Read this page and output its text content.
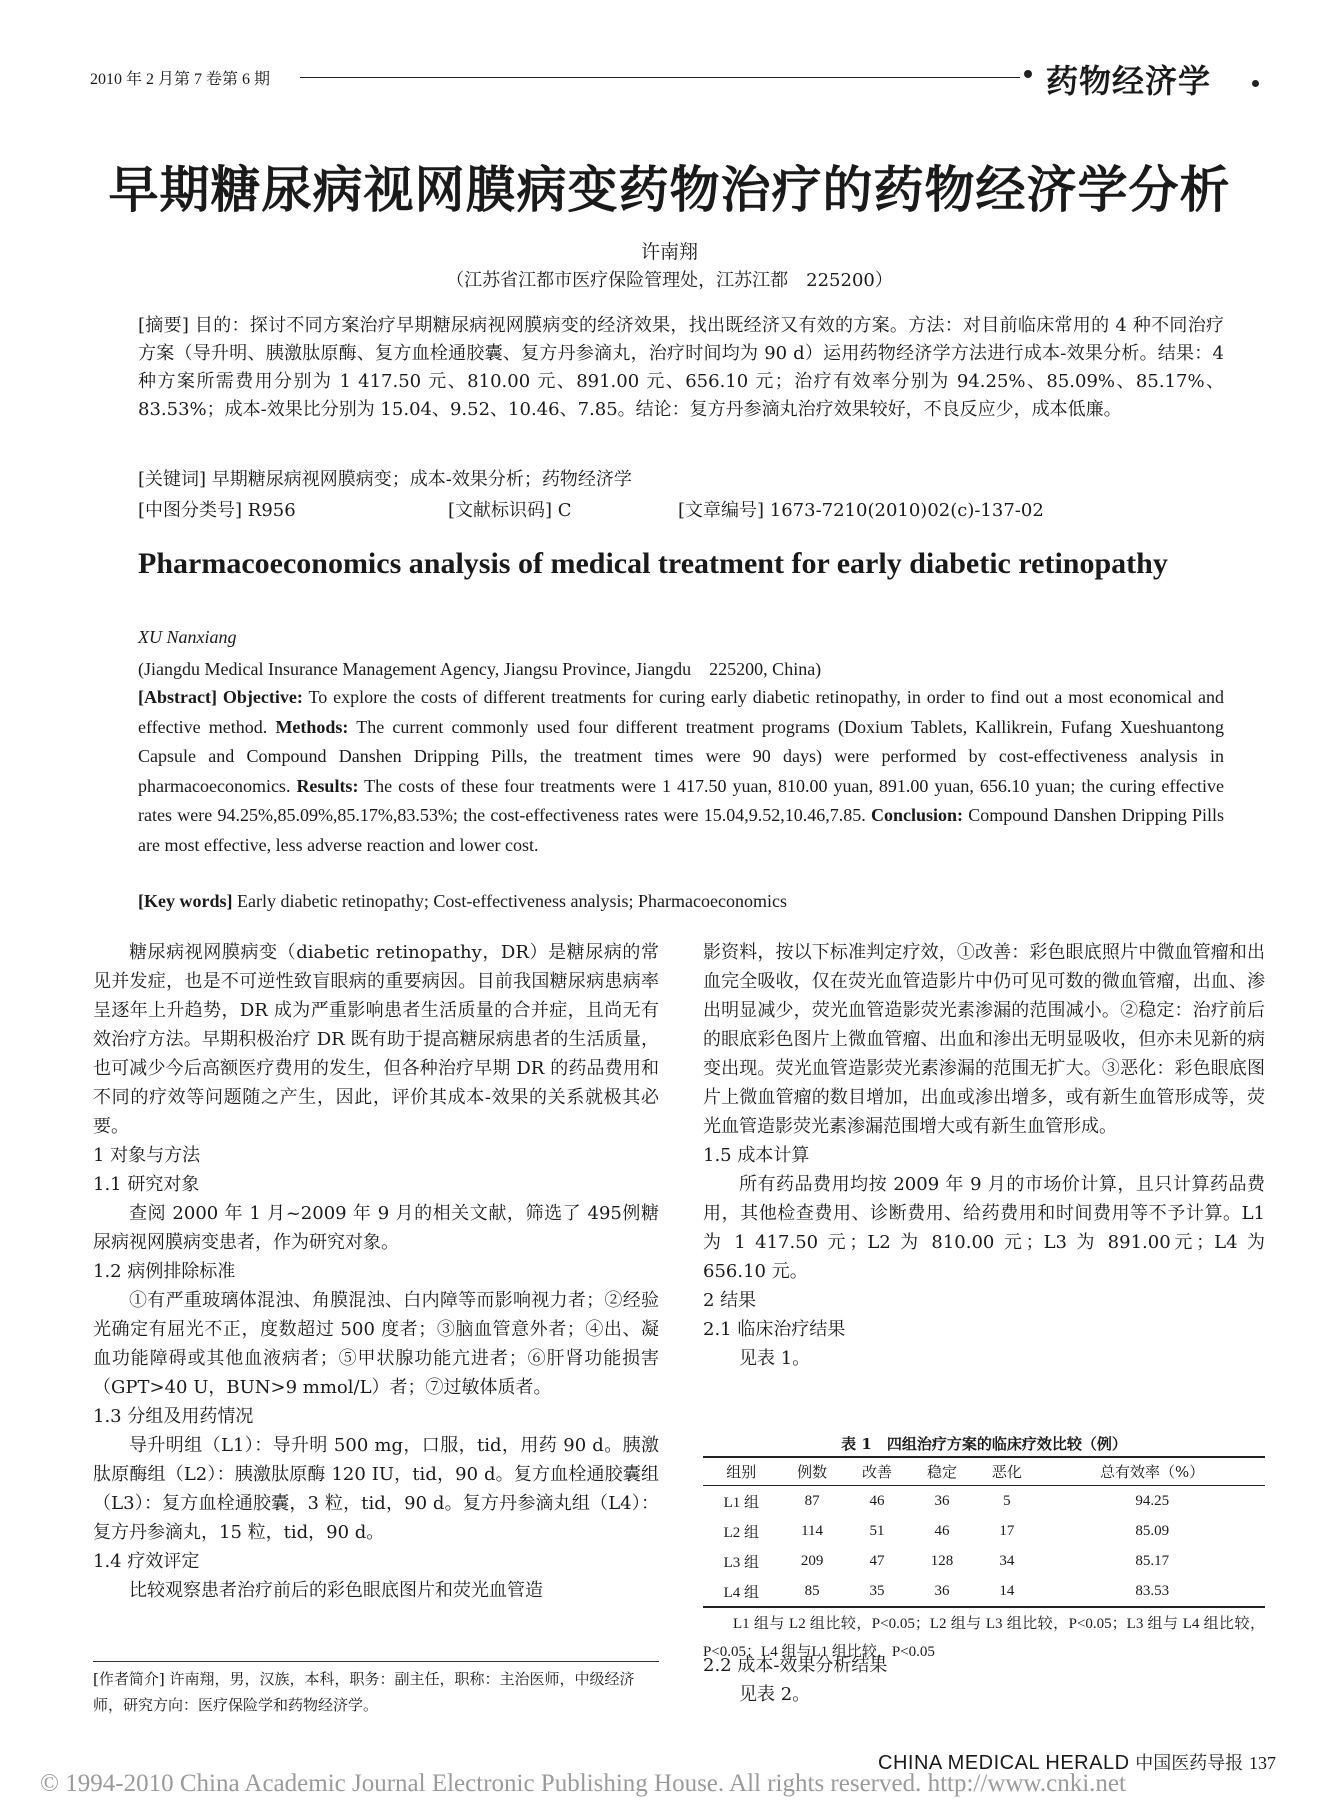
2010 年 2 月第 7 卷第 6 期	药物经济学
早期糖尿病视网膜病变药物治疗的药物经济学分析
许南翔
（江苏省江都市医疗保险管理处，江苏江都　225200）
[摘要] 目的：探讨不同方案治疗早期糖尿病视网膜病变的经济效果，找出既经济又有效的方案。方法：对目前临床常用的 4 种不同治疗方案（导升明、胰激肽原酶、复方血栓通胶囊、复方丹参滴丸，治疗时间均为 90 d）运用药物经济学方法进行成本-效果分析。结果：4 种方案所需费用分别为 1 417.50 元、810.00 元、891.00 元、656.10 元；治疗有效率分别为 94.25%、85.09%、85.17%、83.53%；成本-效果比分别为 15.04、9.52、10.46、7.85。结论：复方丹参滴丸治疗效果较好，不良反应少，成本低廉。
[关键词] 早期糖尿病视网膜病变；成本-效果分析；药物经济学
[中图分类号] R956	[文献标识码] C	[文章编号] 1673-7210(2010)02(c)-137-02
Pharmacoeconomics analysis of medical treatment for early diabetic retinopathy
XU Nanxiang
(Jiangdu Medical Insurance Management Agency, Jiangsu Province, Jiangdu　225200, China)
[Abstract] Objective: To explore the costs of different treatments for curing early diabetic retinopathy, in order to find out a most economical and effective method. Methods: The current commonly used four different treatment programs (Doxium Tablets, Kallikrein, Fufang Xueshuantong Capsule and Compound Danshen Dripping Pills, the treatment times were 90 days) were performed by cost-effectiveness analysis in pharmacoeconomics. Results: The costs of these four treatments were 1 417.50 yuan, 810.00 yuan, 891.00 yuan, 656.10 yuan; the curing effective rates were 94.25%,85.09%,85.17%,83.53%; the cost-effectiveness rates were 15.04,9.52,10.46,7.85. Conclusion: Compound Danshen Dripping Pills are most effective, less adverse reaction and lower cost.
[Key words] Early diabetic retinopathy; Cost-effectiveness analysis; Pharmacoeconomics

糖尿病视网膜病变（diabetic retinopathy，DR）是糖尿病的常见并发症，也是不可逆性致盲眼病的重要病因。目前我国糖尿病患病率呈逐年上升趋势，DR 成为严重影响患者生活质量的合并症，且尚无有效治疗方法。早期积极治疗 DR 既有助于提高糖尿病患者的生活质量，也可减少今后高额医疗费用的发生，但各种治疗早期 DR 的药品费用和不同的疗效等问题随之产生，因此，评价其成本-效果的关系就极其必要。

1 对象与方法

1.1 研究对象

查阅 2000 年 1 月~2009 年 9 月的相关文献，筛选了 495例糖尿病视网膜病变患者，作为研究对象。

1.2 病例排除标准

①有严重玻璃体混浊、角膜混浊、白内障等而影响视力者；②经验光确定有屈光不正，度数超过 500 度者；③脑血管意外者；④出、凝血功能障碍或其他血液病者；⑤甲状腺功能亢进者；⑥肝肾功能损害（GPT>40 U，BUN>9 mmol/L）者；⑦过敏体质者。

1.3 分组及用药情况

导升明组（L1）：导升明 500 mg，口服，tid，用药 90 d。胰激肽原酶组（L2）：胰激肽原酶 120 IU，tid，90 d。复方血栓通胶囊组（L3）：复方血栓通胶囊，3 粒，tid，90 d。复方丹参滴丸组（L4）：复方丹参滴丸，15 粒，tid，90 d。

1.4 疗效评定

比较观察患者治疗前后的彩色眼底图片和荧光血管造

[作者简介] 许南翔，男，汉族，本科，职务：副主任，职称：主治医师，中级经济师，研究方向：医疗保险学和药物经济学。

影资料，按以下标准判定疗效，①改善：彩色眼底照片中微血管瘤和出血完全吸收，仅在荧光血管造影片中仍可见可数的微血管瘤，出血、渗出明显减少，荧光血管造影荧光素渗漏的范围减小。②稳定：治疗前后的眼底彩色图片上微血管瘤、出血和渗出无明显吸收，但亦未见新的病变出现。荧光血管造影荧光素渗漏的范围无扩大。③恶化：彩色眼底图片上微血管瘤的数目增加，出血或渗出增多，或有新生血管形成等，荧光血管造影荧光素渗漏范围增大或有新生血管形成。

1.5 成本计算

所有药品费用均按 2009 年 9 月的市场价计算，且只计算药品费用，其他检查费用、诊断费用、给药费用和时间费用等不予计算。L1 为 1 417.50 元；L2 为 810.00 元；L3 为 891.00元；L4 为 656.10 元。

2 结果

2.1 临床治疗结果

见表 1。

表 1　四组治疗方案的临床疗效比较（例）
组别	例数	改善	稳定	恶化	总有效率（%）
L1 组	87	46	36	5	94.25
L2 组	114	51	46	17	85.09
L3 组	209	47	128	34	85.17
L4 组	85	35	36	14	83.53
L1 组与 L2 组比较，P<0.05；L2 组与 L3 组比较，P<0.05；L3 组与 L4 组比较，P<0.05；L4 组与L1 组比较，P<0.05

2.2 成本-效果分析结果

见表 2。

CHINA MEDICAL HERALD 中国医药导报 137
© 1994-2010 China Academic Journal Electronic Publishing House. All rights reserved. http://www.cnki.net
